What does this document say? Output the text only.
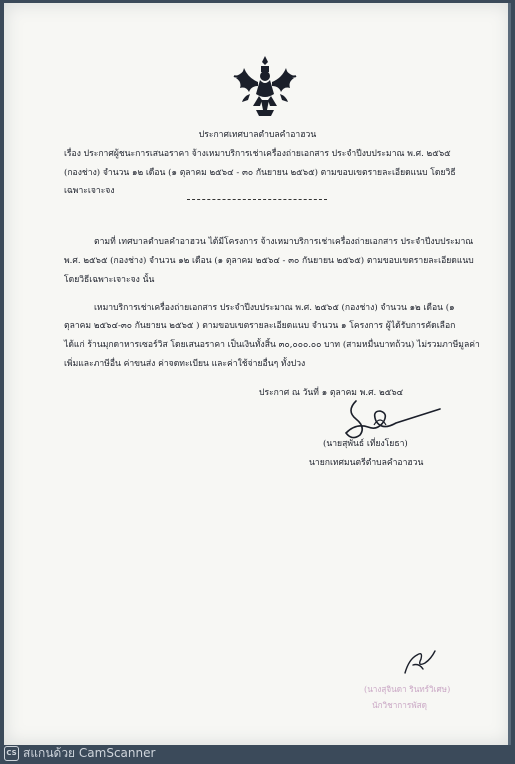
ประกาศเทศบาลตำบลคำอาฮวน
เรื่อง ประกาศผู้ชนะการเสนอราคา จ้างเหมาบริการเช่าเครื่องถ่ายเอกสาร ประจำปีงบประมาณ พ.ศ. ๒๕๖๕
(กองช่าง) จำนวน ๑๒ เดือน (๑ ตุลาคม ๒๕๖๔ - ๓๐ กันยายน ๒๕๖๕) ตามขอบเขตรายละเอียดแนบ โดยวิธี
เฉพาะเจาะจง
ตามที่ เทศบาลตำบลคำอาฮวน ได้มีโครงการ จ้างเหมาบริการเช่าเครื่องถ่ายเอกสาร ประจำปีงบประมาณ
พ.ศ. ๒๕๖๕ (กองช่าง) จำนวน ๑๒ เดือน (๑ ตุลาคม ๒๕๖๔ - ๓๐ กันยายน ๒๕๖๕) ตามขอบเขตรายละเอียดแนบ
โดยวิธีเฉพาะเจาะจง นั้น
เหมาบริการเช่าเครื่องถ่ายเอกสาร ประจำปีงบประมาณ พ.ศ. ๒๕๖๕ (กองช่าง) จำนวน ๑๒ เดือน (๑
ตุลาคม ๒๕๖๔-๓๐ กันยายน ๒๕๖๕ ) ตามขอบเขตรายละเอียดแนบ จำนวน ๑ โครงการ ผู้ได้รับการคัดเลือก
ได้แก่ ร้านมุกดาหารเซอร์วิส โดยเสนอราคา เป็นเงินทั้งสิ้น ๓๐,๐๐๐.๐๐ บาท (สามหมื่นบาทถ้วน) ไม่รวมภาษีมูลค่า
เพิ่มและภาษีอื่น ค่าขนส่ง ค่าจดทะเบียน และค่าใช้จ่ายอื่นๆ ทั้งปวง
ประกาศ ณ วันที่ ๑ ตุลาคม พ.ศ. ๒๕๖๔
(นายสุพันธ์ เที่ยงโยธา)
นายกเทศมนตรีตำบลคำอาฮวน
(นางสุจินดา รินทร์วิเศษ)
นักวิชาการพัสดุ
CS สแกนด้วย CamScanner
